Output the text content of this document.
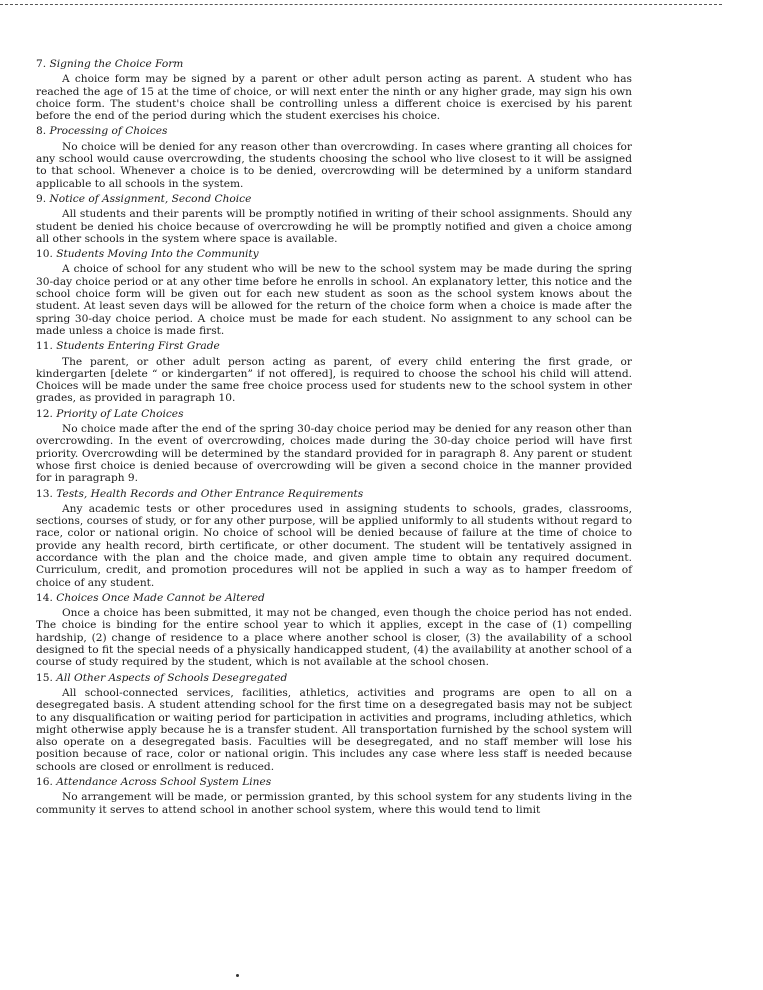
7. Signing the Choice Form

A choice form may be signed by a parent or other adult person acting as parent. A student who has reached the age of 15 at the time of choice, or will next enter the ninth or any higher grade, may sign his own choice form. The student's choice shall be controlling unless a different choice is exercised by his parent before the end of the period during which the student exercises his choice.

8. Processing of Choices

No choice will be denied for any reason other than overcrowding. In cases where granting all choices for any school would cause overcrowding, the students choosing the school who live closest to it will be assigned to that school. Whenever a choice is to be denied, overcrowding will be determined by a uniform standard applicable to all schools in the system.

9. Notice of Assignment, Second Choice

All students and their parents will be promptly notified in writing of their school assignments. Should any student be denied his choice because of overcrowding he will be promptly notified and given a choice among all other schools in the system where space is available.

10. Students Moving Into the Community

A choice of school for any student who will be new to the school system may be made during the spring 30-day choice period or at any other time before he enrolls in school. An explanatory letter, this notice and the school choice form will be given out for each new student as soon as the school system knows about the student. At least seven days will be allowed for the return of the choice form when a choice is made after the spring 30-day choice period. A choice must be made for each student. No assignment to any school can be made unless a choice is made first.

11. Students Entering First Grade

The parent, or other adult person acting as parent, of every child entering the first grade, or kindergarten [delete “ or kindergarten” if not offered], is required to choose the school his child will attend. Choices will be made under the same free choice process used for students new to the school system in other grades, as provided in paragraph 10.

12. Priority of Late Choices

No choice made after the end of the spring 30-day choice period may be denied for any reason other than overcrowding. In the event of overcrowding, choices made during the 30-day choice period will have first priority. Overcrowding will be determined by the standard provided for in paragraph 8. Any parent or student whose first choice is denied because of overcrowding will be given a second choice in the manner provided for in paragraph 9.

13. Tests, Health Records and Other Entrance Requirements

Any academic tests or other procedures used in assigning students to schools, grades, classrooms, sections, courses of study, or for any other purpose, will be applied uniformly to all students without regard to race, color or national origin. No choice of school will be denied because of failure at the time of choice to provide any health record, birth certificate, or other document. The student will be tentatively assigned in accordance with the plan and the choice made, and given ample time to obtain any required document. Curriculum, credit, and promotion procedures will not be applied in such a way as to hamper freedom of choice of any student.

14. Choices Once Made Cannot be Altered

Once a choice has been submitted, it may not be changed, even though the choice period has not ended. The choice is binding for the entire school year to which it applies, except in the case of (1) compelling hardship, (2) change of residence to a place where another school is closer, (3) the availability of a school designed to fit the special needs of a physically handicapped student, (4) the availability at another school of a course of study required by the student, which is not available at the school chosen.

15. All Other Aspects of Schools Desegregated

All school-connected services, facilities, athletics, activities and programs are open to all on a desegregated basis. A student attending school for the first time on a desegregated basis may not be subject to any disqualification or waiting period for participation in activities and programs, including athletics, which might otherwise apply because he is a transfer student. All transportation furnished by the school system will also operate on a desegregated basis. Faculties will be desegregated, and no staff member will lose his position because of race, color or national origin. This includes any case where less staff is needed because schools are closed or enrollment is reduced.

16. Attendance Across School System Lines

No arrangement will be made, or permission granted, by this school system for any students living in the community it serves to attend school in another school system, where this would tend to limit
